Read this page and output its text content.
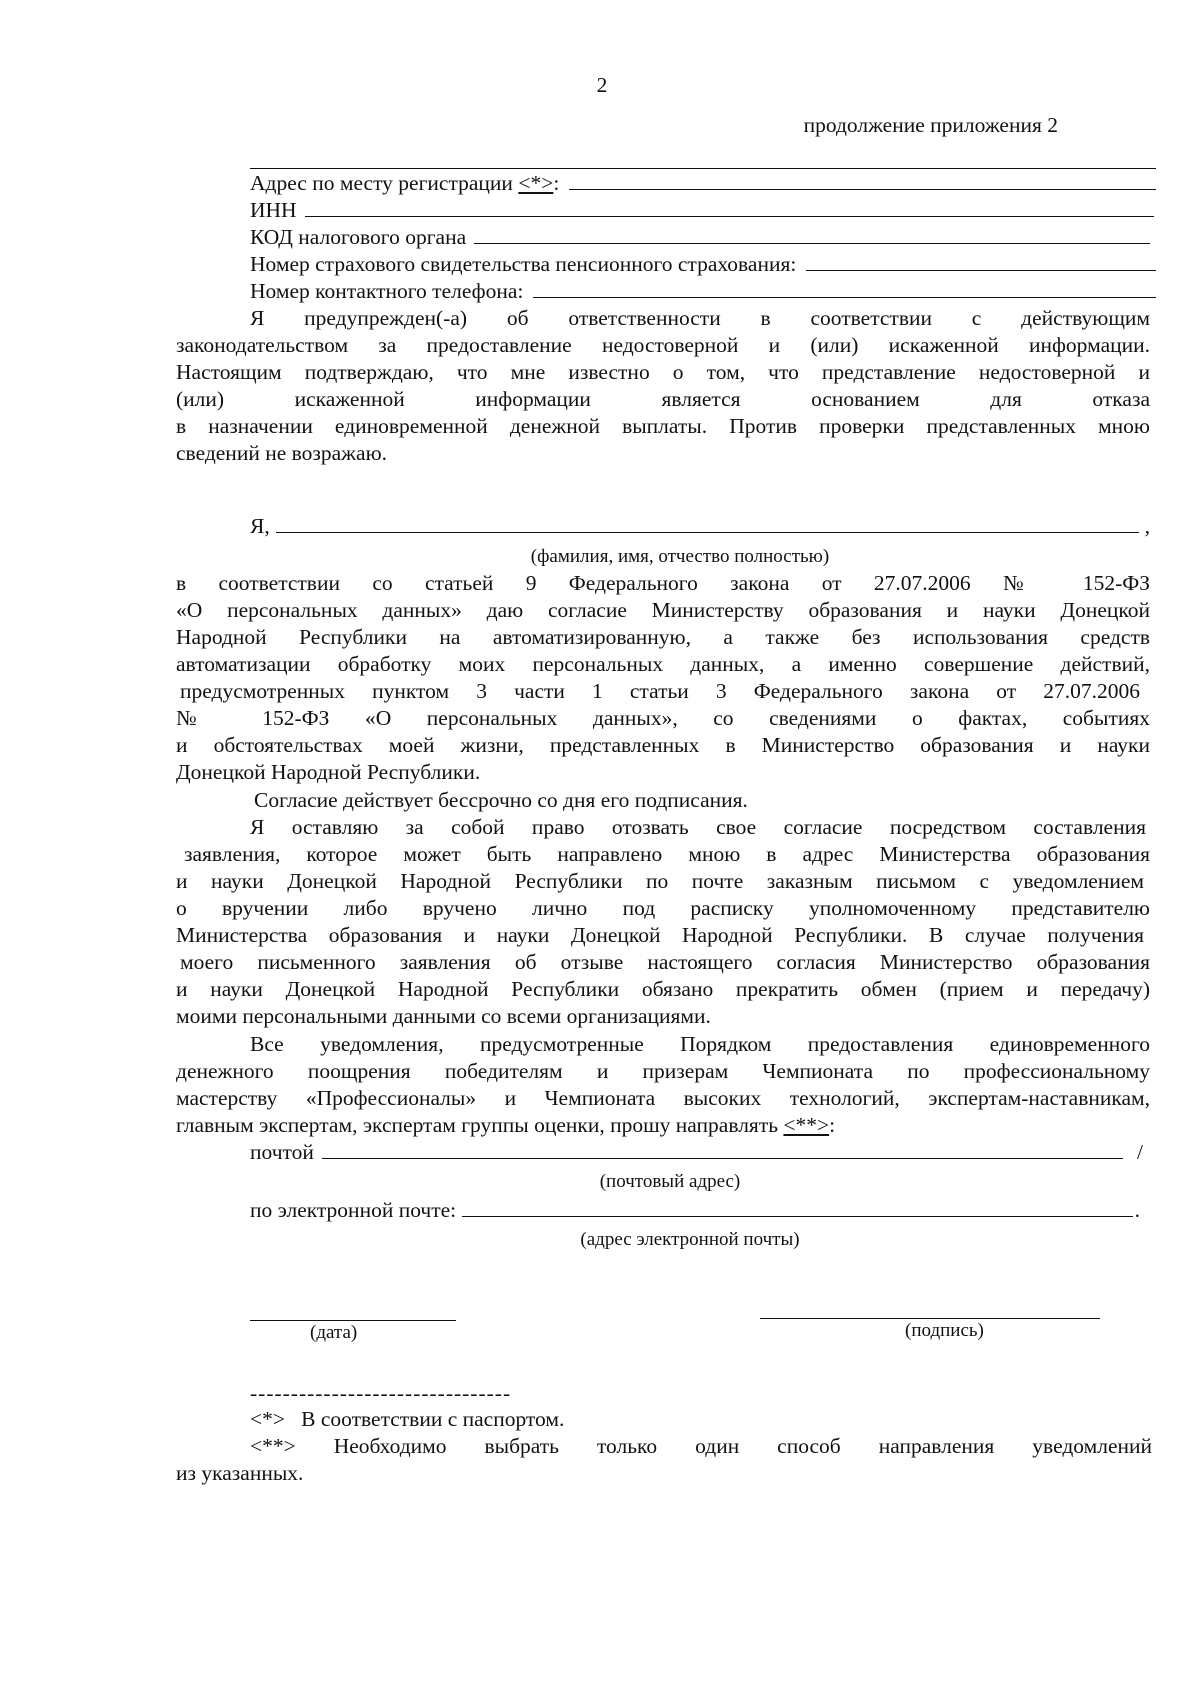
2
продолжение приложения 2
Адрес по месту регистрации
<*> :
ИНН
КОД налогового органа
Номер страхового свидетельства пенсионного страхования:
Номер контактного телефона:
Я предупрежден(-а) об ответственности в соответствии с действующим
законодательством за предоставление недостоверной и (или) искаженной информации.
Настоящим подтверждаю, что мне известно о том, что представление недостоверной и
(или) искаженной информации является основанием для отказа
в назначении единовременной денежной выплаты. Против проверки представленных мною
сведений не возражаю.
Я,	,
(фамилия, имя, отчество полностью)
в соответствии со статьей 9 Федерального закона от 27.07.2006 № 152-ФЗ
«О персональных данных» даю согласие Министерству образования и науки Донецкой
Народной Республики на автоматизированную, а также без использования средств
автоматизации обработку моих персональных данных, а именно совершение действий,
предусмотренных пунктом 3 части 1 статьи 3 Федерального закона от 27.07.2006
№ 152-ФЗ «О персональных данных», со сведениями о фактах, событиях
и обстоятельствах моей жизни, представленных в Министерство образования и науки
Донецкой Народной Республики.
Согласие действует бессрочно со дня его подписания.
Я оставляю за собой право отозвать свое согласие посредством составления
заявления, которое может быть направлено мною в адрес Министерства образования
и науки Донецкой Народной Республики по почте заказным письмом с уведомлением
о вручении либо вручено лично под расписку уполномоченному представителю
Министерства образования и науки Донецкой Народной Республики. В случае получения
моего письменного заявления об отзыве настоящего согласия Министерство образования
и науки Донецкой Народной Республики обязано прекратить обмен (прием и передачу)
моими персональными данными со всеми организациями.
Все уведомления, предусмотренные Порядком предоставления единовременного
денежного поощрения победителям и призерам Чемпионата по профессиональному
мастерству «Профессионалы» и Чемпионата высоких технологий, экспертам-наставникам,
главным экспертам, экспертам группы оценки, прошу направлять <**>:
почтой	/
(почтовый адрес)
по электронной почте:	.
(адрес электронной почты)
(дата)	(подпись)
--------------------------------
<*>   В соответствии с паспортом.
<**> Необходимо выбрать только один способ направления уведомлений
из указанных.
